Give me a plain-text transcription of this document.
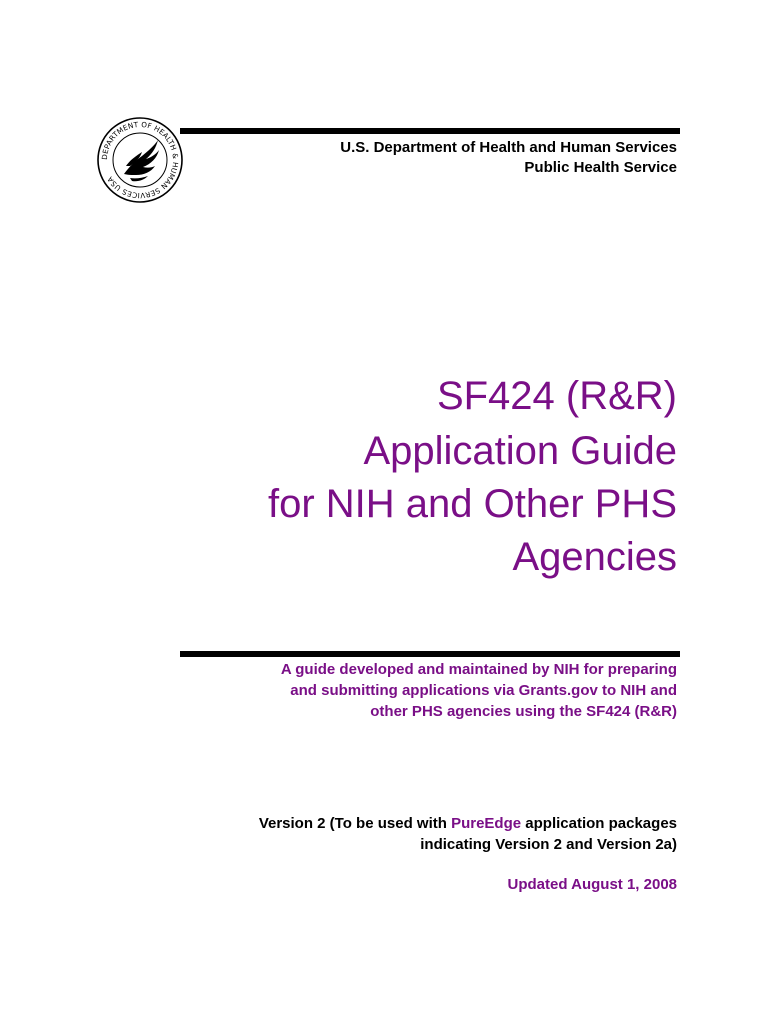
DEPARTMENT OF HEALTH & HUMAN SERVICES USA
U.S. Department of Health and Human Services
Public Health Service
SF424 (R&R)
Application Guide
for NIH and Other PHS
Agencies
A guide developed and maintained by NIH for preparing
and submitting applications via Grants.gov to NIH and
other PHS agencies using the SF424 (R&R)
Version 2 (To be used with PureEdge application packages
indicating Version 2 and Version 2a)
Updated August 1, 2008
